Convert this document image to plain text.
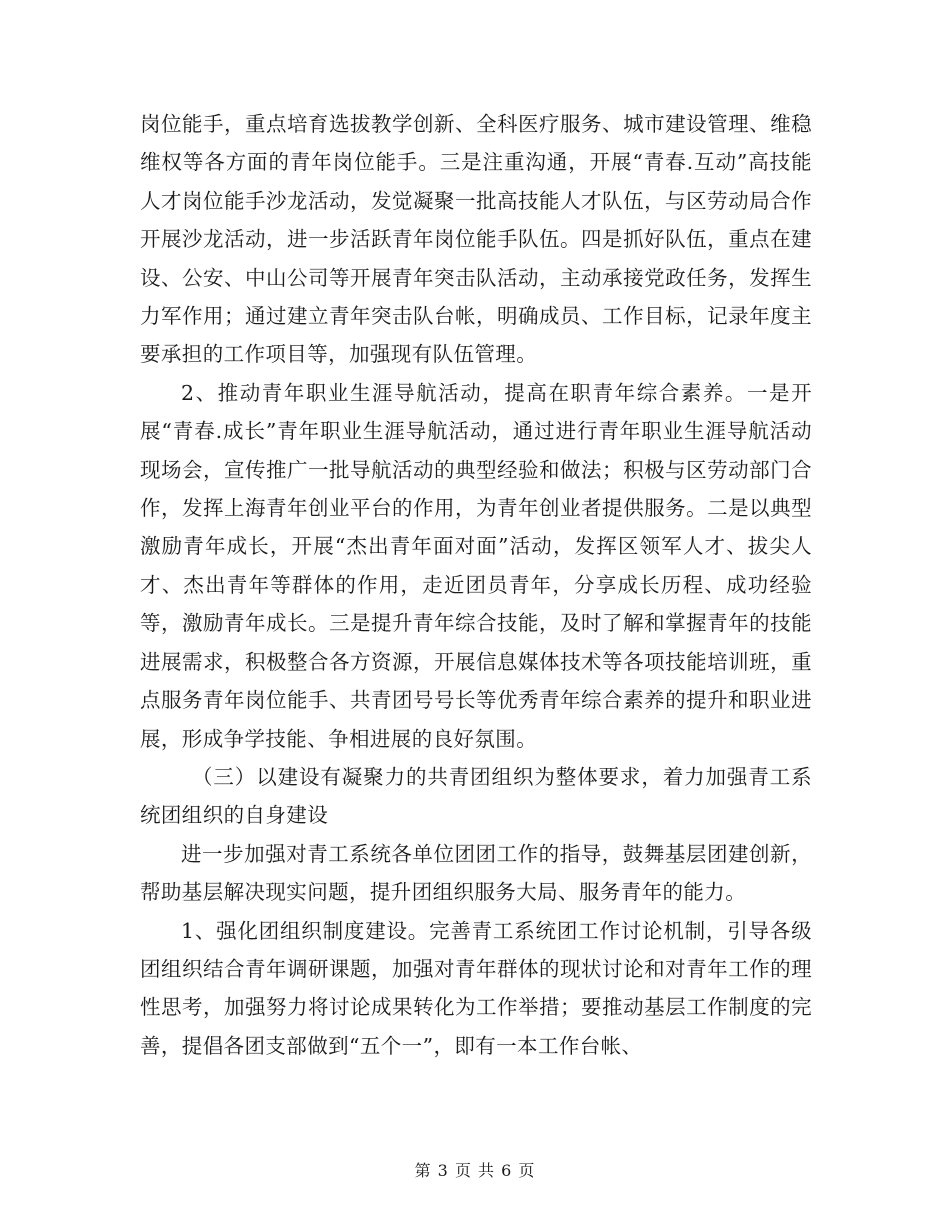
岗位能手，重点培育选拔教学创新、全科医疗服务、城市建设管理、维稳维权等各方面的青年岗位能手。三是注重沟通，开展“青春.互动”高技能人才岗位能手沙龙活动，发觉凝聚一批高技能人才队伍，与区劳动局合作开展沙龙活动，进一步活跃青年岗位能手队伍。四是抓好队伍，重点在建设、公安、中山公司等开展青年突击队活动，主动承接党政任务，发挥生力军作用；通过建立青年突击队台帐，明确成员、工作目标，记录年度主要承担的工作项目等，加强现有队伍管理。

2、推动青年职业生涯导航活动，提高在职青年综合素养。一是开展“青春.成长”青年职业生涯导航活动，通过进行青年职业生涯导航活动现场会，宣传推广一批导航活动的典型经验和做法；积极与区劳动部门合作，发挥上海青年创业平台的作用，为青年创业者提供服务。二是以典型激励青年成长，开展“杰出青年面对面”活动，发挥区领军人才、拔尖人才、杰出青年等群体的作用，走近团员青年，分享成长历程、成功经验等，激励青年成长。三是提升青年综合技能，及时了解和掌握青年的技能进展需求，积极整合各方资源，开展信息媒体技术等各项技能培训班，重点服务青年岗位能手、共青团号号长等优秀青年综合素养的提升和职业进展，形成争学技能、争相进展的良好氛围。

（三）以建设有凝聚力的共青团组织为整体要求，着力加强青工系统团组织的自身建设

进一步加强对青工系统各单位团团工作的指导，鼓舞基层团建创新，帮助基层解决现实问题，提升团组织服务大局、服务青年的能力。

1、强化团组织制度建设。完善青工系统团工作讨论机制，引导各级团组织结合青年调研课题，加强对青年群体的现状讨论和对青年工作的理性思考，加强努力将讨论成果转化为工作举措；要推动基层工作制度的完善，提倡各团支部做到“五个一”，即有一本工作台帐、

第 3 页 共 6 页
